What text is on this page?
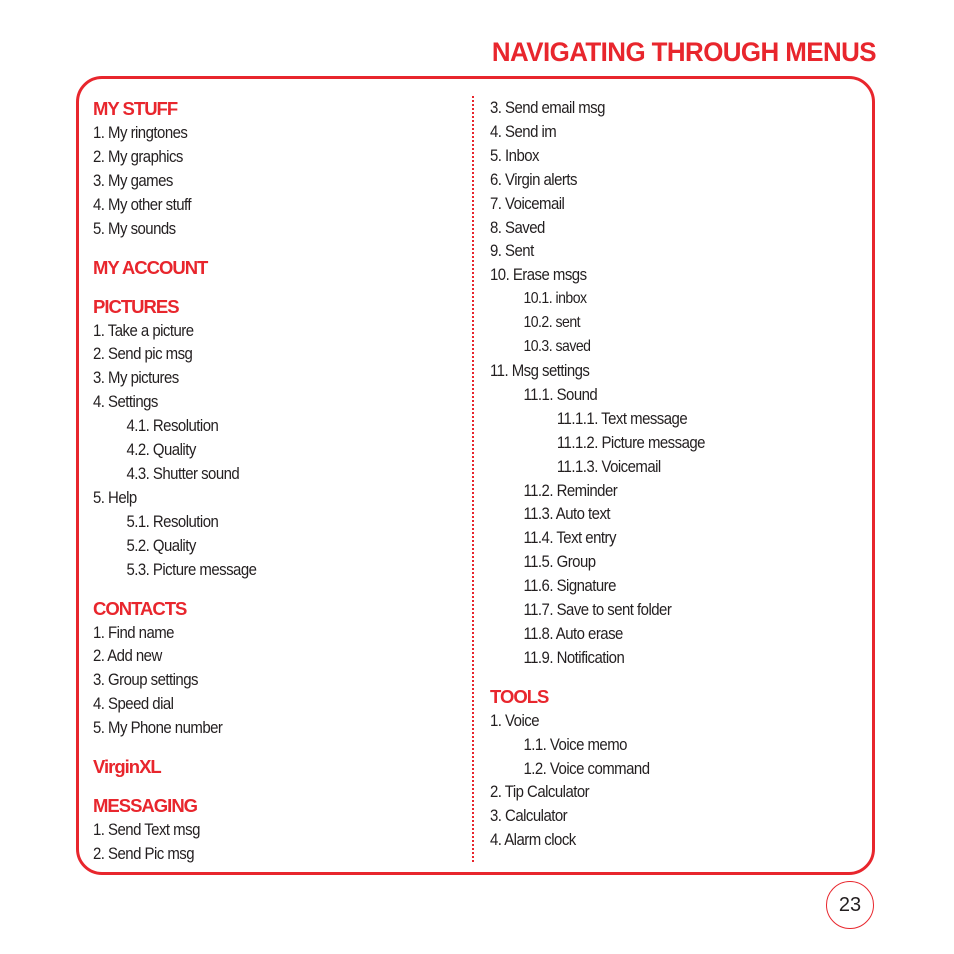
NAVIGATING THROUGH MENUS
MY STUFF
1. My ringtones
2. My graphics
3. My games
4. My other stuff
5. My sounds
MY ACCOUNT
PICTURES
1. Take a picture
2. Send pic msg
3. My pictures
4. Settings
4.1. Resolution
4.2. Quality
4.3. Shutter sound
5. Help
5.1. Resolution
5.2. Quality
5.3. Picture message
CONTACTS
1. Find name
2. Add new
3. Group settings
4. Speed dial
5. My Phone number
VirginXL
MESSAGING
1. Send Text msg
2. Send Pic msg
3. Send email msg
4. Send im
5. Inbox
6. Virgin alerts
7. Voicemail
8. Saved
9. Sent
10. Erase msgs
10.1. inbox
10.2. sent
10.3. saved
11. Msg settings
11.1. Sound
11.1.1. Text message
11.1.2. Picture message
11.1.3. Voicemail
11.2. Reminder
11.3. Auto text
11.4. Text entry
11.5. Group
11.6. Signature
11.7. Save to sent folder
11.8. Auto erase
11.9. Notification
TOOLS
1. Voice
1.1. Voice memo
1.2. Voice command
2. Tip Calculator
3. Calculator
4. Alarm clock
23
